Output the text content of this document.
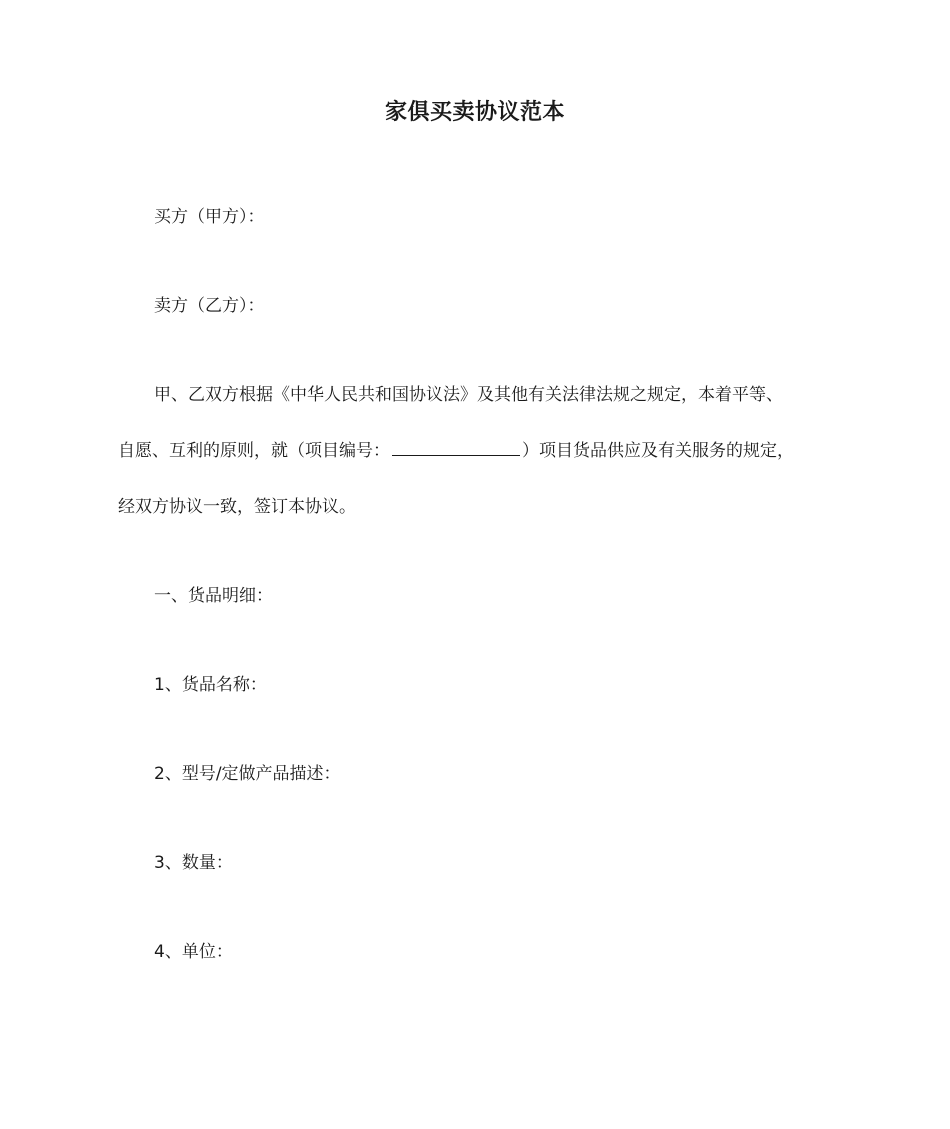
家俱买卖协议范本
买方（甲方）：
卖方（乙方）：
甲、乙双方根据《中华人民共和国协议法》及其他有关法律法规之规定，本着平等、
自愿、互利的原则，就（项目编号：	）项目货品供应及有关服务的规定，
经双方协议一致，签订本协议。
一、货品明细：
1、货品名称：
2、型号/定做产品描述：
3、数量：
4、单位：
